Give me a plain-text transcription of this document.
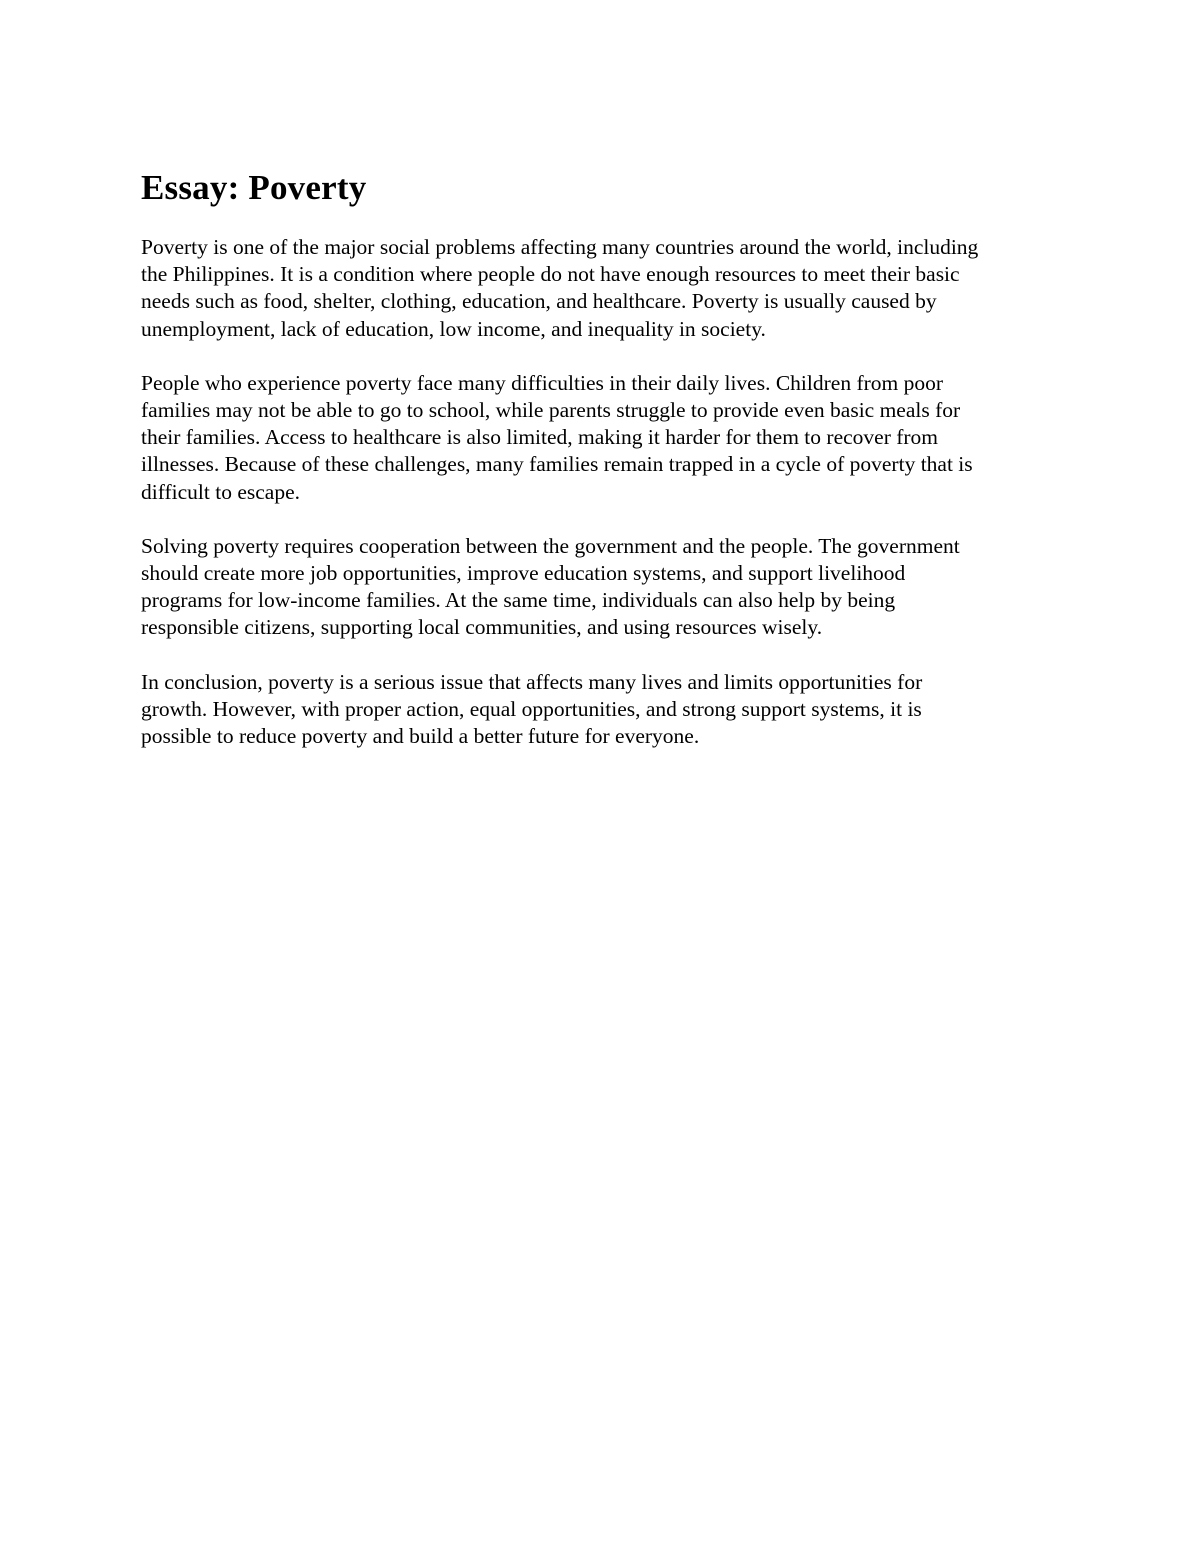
Essay: Poverty

Poverty is one of the major social problems affecting many countries around the world, including
the Philippines. It is a condition where people do not have enough resources to meet their basic
needs such as food, shelter, clothing, education, and healthcare. Poverty is usually caused by
unemployment, lack of education, low income, and inequality in society.

People who experience poverty face many difficulties in their daily lives. Children from poor
families may not be able to go to school, while parents struggle to provide even basic meals for
their families. Access to healthcare is also limited, making it harder for them to recover from
illnesses. Because of these challenges, many families remain trapped in a cycle of poverty that is
difficult to escape.

Solving poverty requires cooperation between the government and the people. The government
should create more job opportunities, improve education systems, and support livelihood
programs for low-income families. At the same time, individuals can also help by being
responsible citizens, supporting local communities, and using resources wisely.

In conclusion, poverty is a serious issue that affects many lives and limits opportunities for
growth. However, with proper action, equal opportunities, and strong support systems, it is
possible to reduce poverty and build a better future for everyone.
